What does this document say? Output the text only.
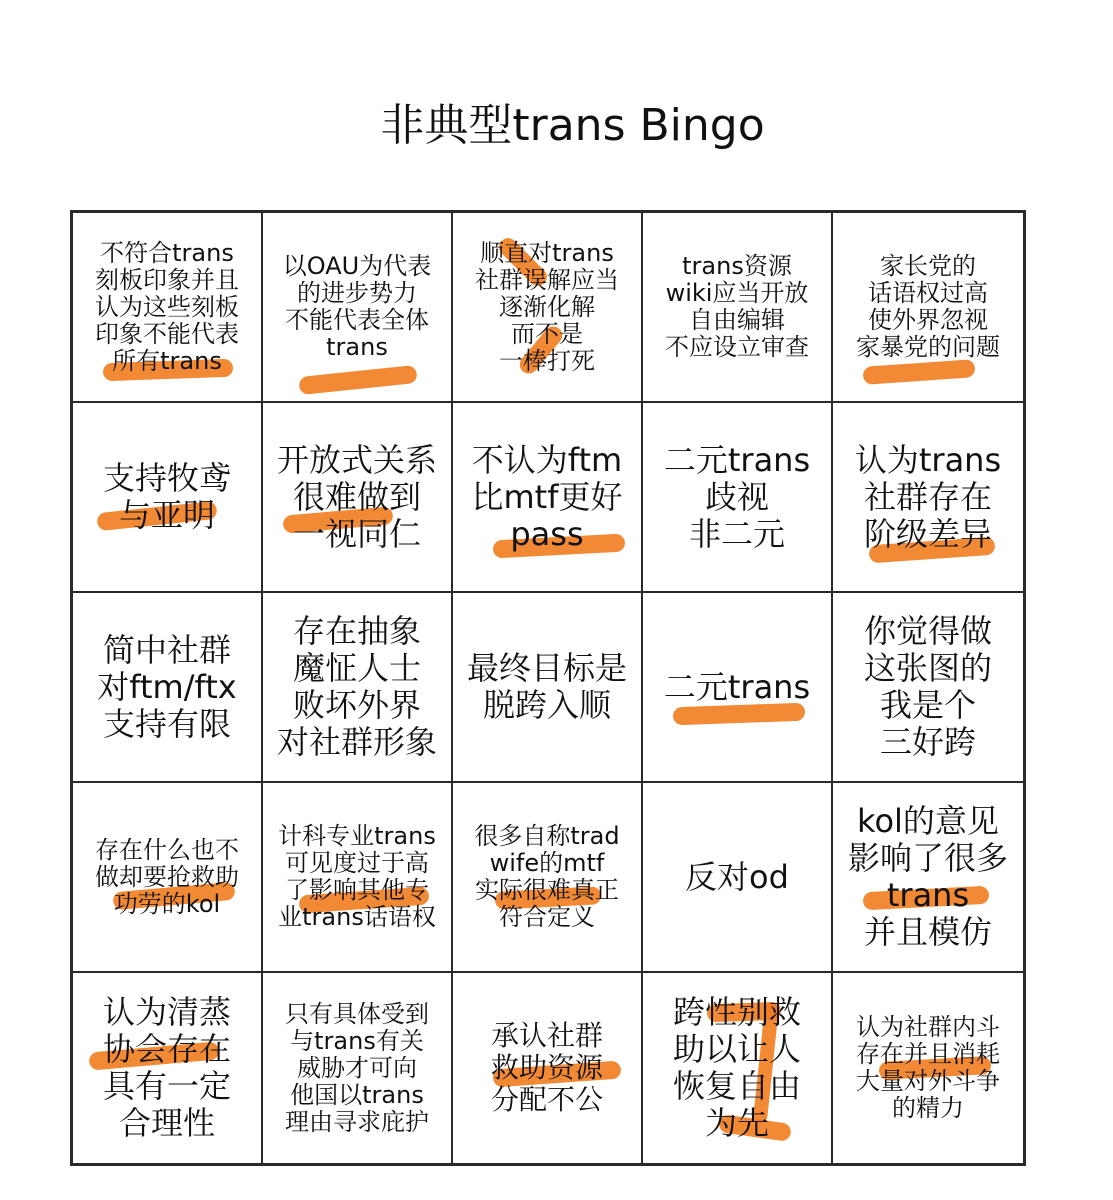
非典型trans Bingo
不符合trans
刻板印象并且
认为这些刻板
印象不能代表
所有trans
以OAU为代表
的进步势力
不能代表全体
trans
顺直对trans
社群误解应当
逐渐化解
而不是
一棒打死
trans资源
wiki应当开放
自由编辑
不应设立审查
家长党的
话语权过高
使外界忽视
家暴党的问题
支持牧鸢
与亚明
开放式关系
很难做到
一视同仁
不认为ftm
比mtf更好
pass
二元trans
歧视
非二元
认为trans
社群存在
阶级差异
简中社群
对ftm/ftx
支持有限
存在抽象
魔怔人士
败坏外界
对社群形象
最终目标是
脱跨入顺	二元trans
你觉得做
这张图的
我是个
三好跨
存在什么也不
做却要抢救助
功劳的kol
计科专业trans
可见度过于高
了影响其他专
业trans话语权
很多自称trad
wife的mtf
实际很难真正
符合定义
反对od
kol的意见
影响了很多
trans
并且模仿
认为清蒸
协会存在
具有一定
合理性
只有具体受到
与trans有关
威胁才可向
他国以trans
理由寻求庇护
承认社群
救助资源
分配不公
跨性别救
助以让人
恢复自由
为先
认为社群内斗
存在并且消耗
大量对外斗争
的精力
